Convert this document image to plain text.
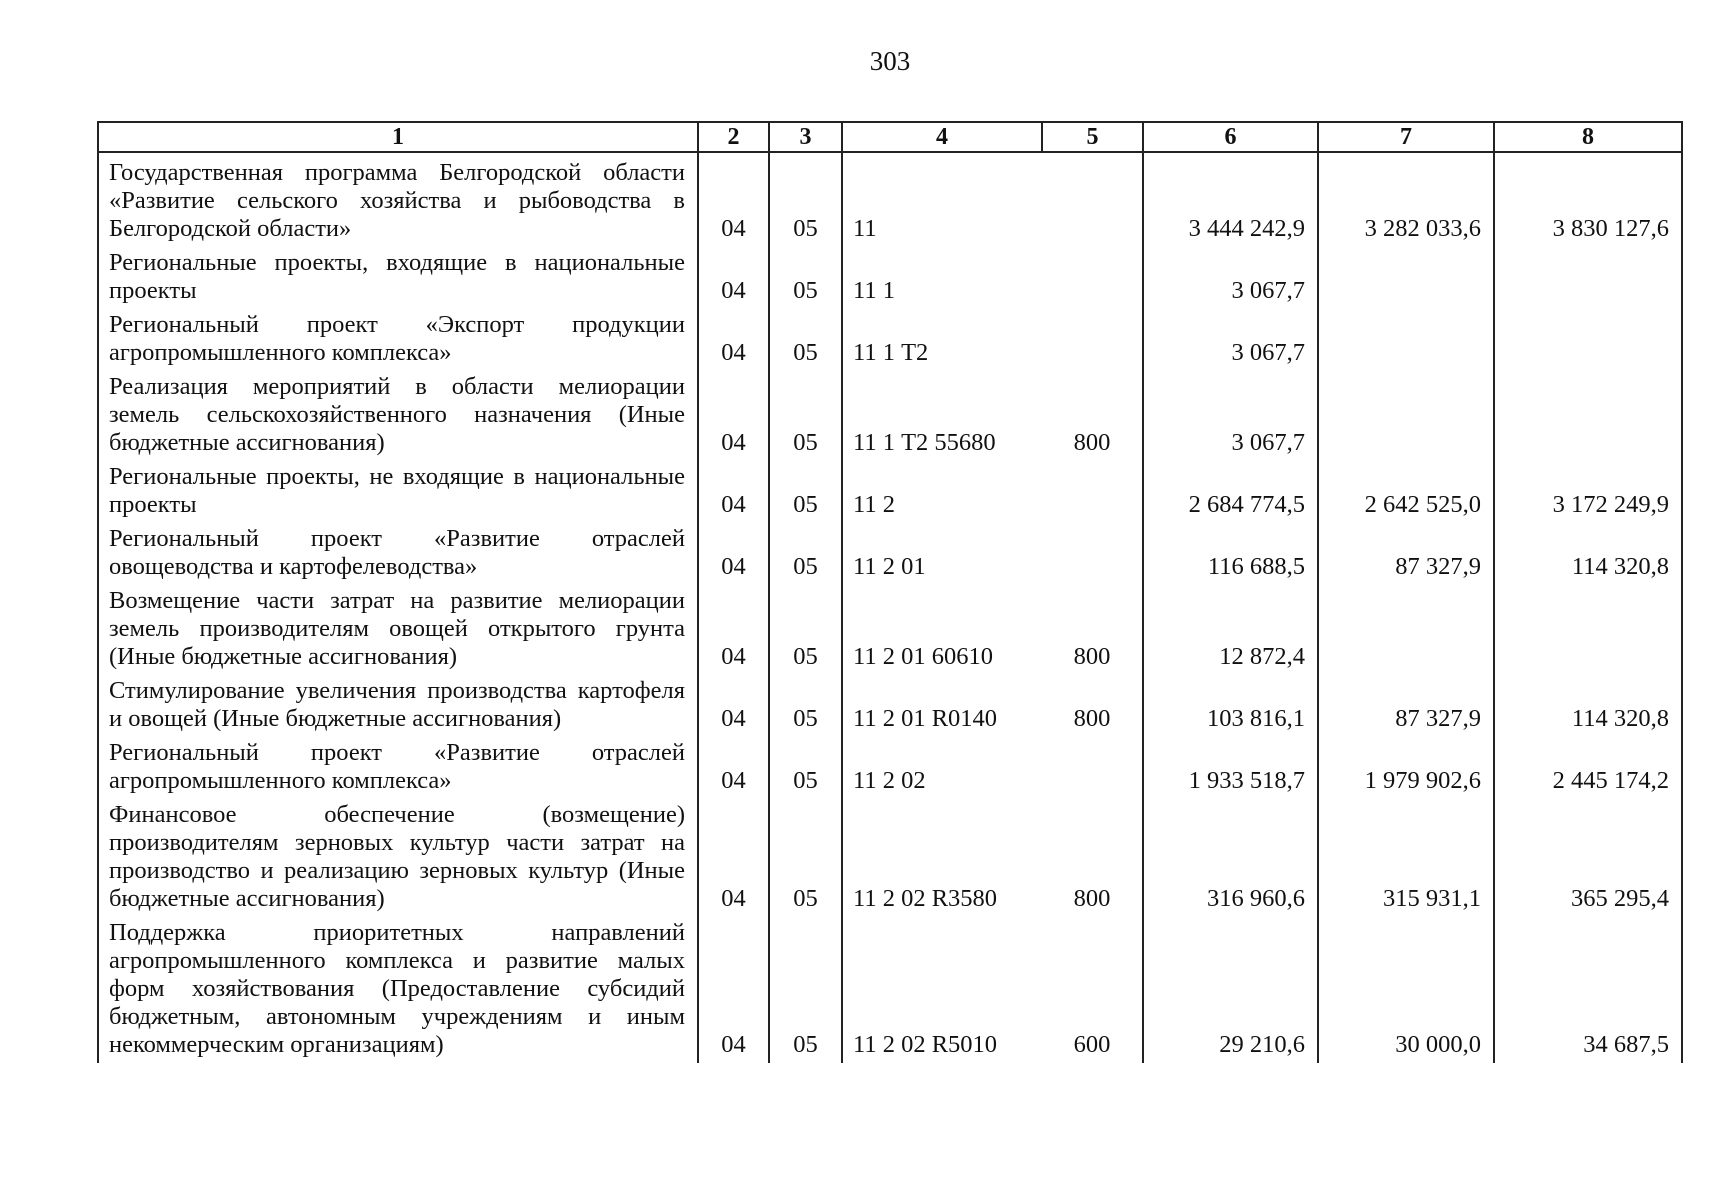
303
1	2	3	4	5	6	7	8
Государственная программа Белгородской области «Развитие сельского хозяйства и рыбоводства в Белгородской области»	04	05	11		3 444 242,9	3 282 033,6	3 830 127,6
Региональные проекты, входящие в национальные проекты	04	05	11 1		3 067,7		
Региональный проект «Экспорт продукции агропромышленного комплекса»	04	05	11 1 Т2		3 067,7		
Реализация мероприятий в области мелиорации земель сельскохозяйственного назначения (Иные бюджетные ассигнования)	04	05	11 1 Т2 55680	800	3 067,7		
Региональные проекты, не входящие в национальные проекты	04	05	11 2		2 684 774,5	2 642 525,0	3 172 249,9
Региональный проект «Развитие отраслей овощеводства и картофелеводства»	04	05	11 2 01		116 688,5	87 327,9	114 320,8
Возмещение части затрат на развитие мелиорации земель производителям овощей открытого грунта (Иные бюджетные ассигнования)	04	05	11 2 01 60610	800	12 872,4		
Стимулирование увеличения производства картофеля и овощей (Иные бюджетные ассигнования)	04	05	11 2 01 R0140	800	103 816,1	87 327,9	114 320,8
Региональный проект «Развитие отраслей агропромышленного комплекса»	04	05	11 2 02		1 933 518,7	1 979 902,6	2 445 174,2
Финансовое обеспечение (возмещение) производителям зерновых культур части затрат на производство и реализацию зерновых культур (Иные бюджетные ассигнования)	04	05	11 2 02 R3580	800	316 960,6	315 931,1	365 295,4
Поддержка приоритетных направлений агропромышленного комплекса и развитие малых форм хозяйствования (Предоставление субсидий бюджетным, автономным учреждениям и иным некоммерческим организациям)	04	05	11 2 02 R5010	600	29 210,6	30 000,0	34 687,5
